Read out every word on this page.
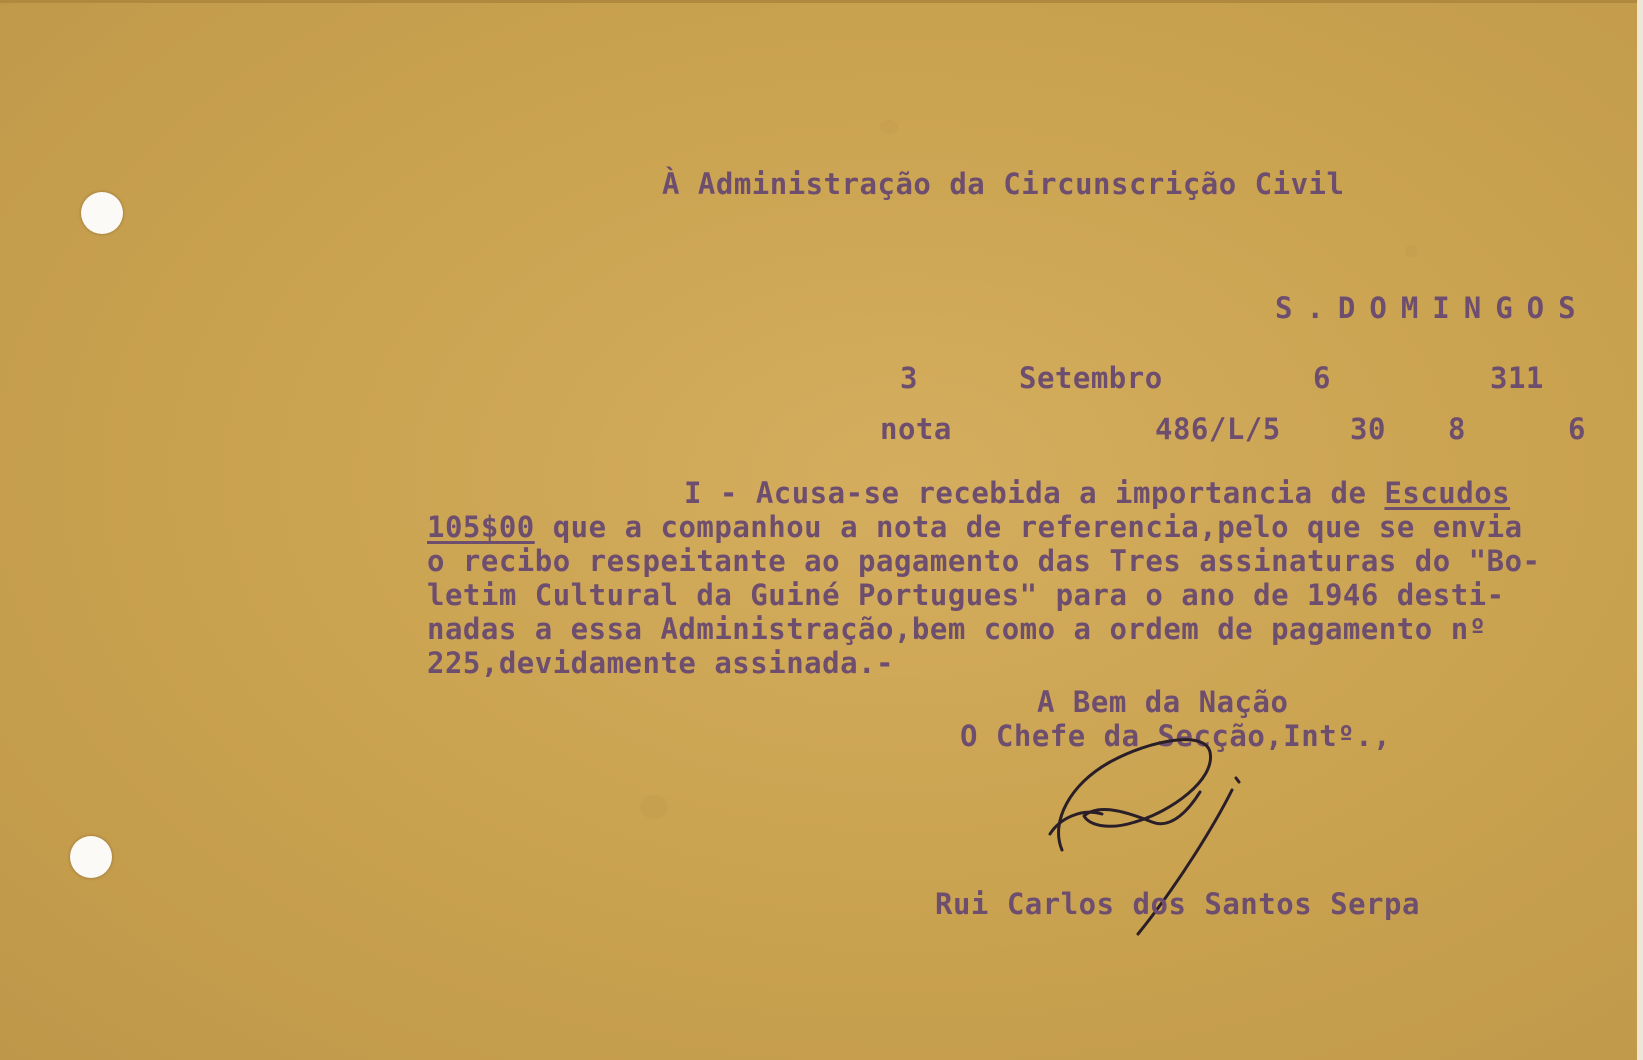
À Administração da Circunscrição Civil
S.DOMINGOS
3	Setembro	6	311
nota	486/L/5 30 8	6
I - Acusa-se recebida a importancia de Escudos
105$00 que a companhou a nota de referencia,pelo que se envia
o recibo respeitante ao pagamento das Tres assinaturas do "Bo-
letim Cultural da Guiné Portugues" para o ano de 1946 desti-
nadas a essa Administração,bem como a ordem de pagamento nº
225,devidamente assinada.-
A Bem da Nação
O Chefe da Secção,Intº.,
Rui Carlos dos Santos Serpa
